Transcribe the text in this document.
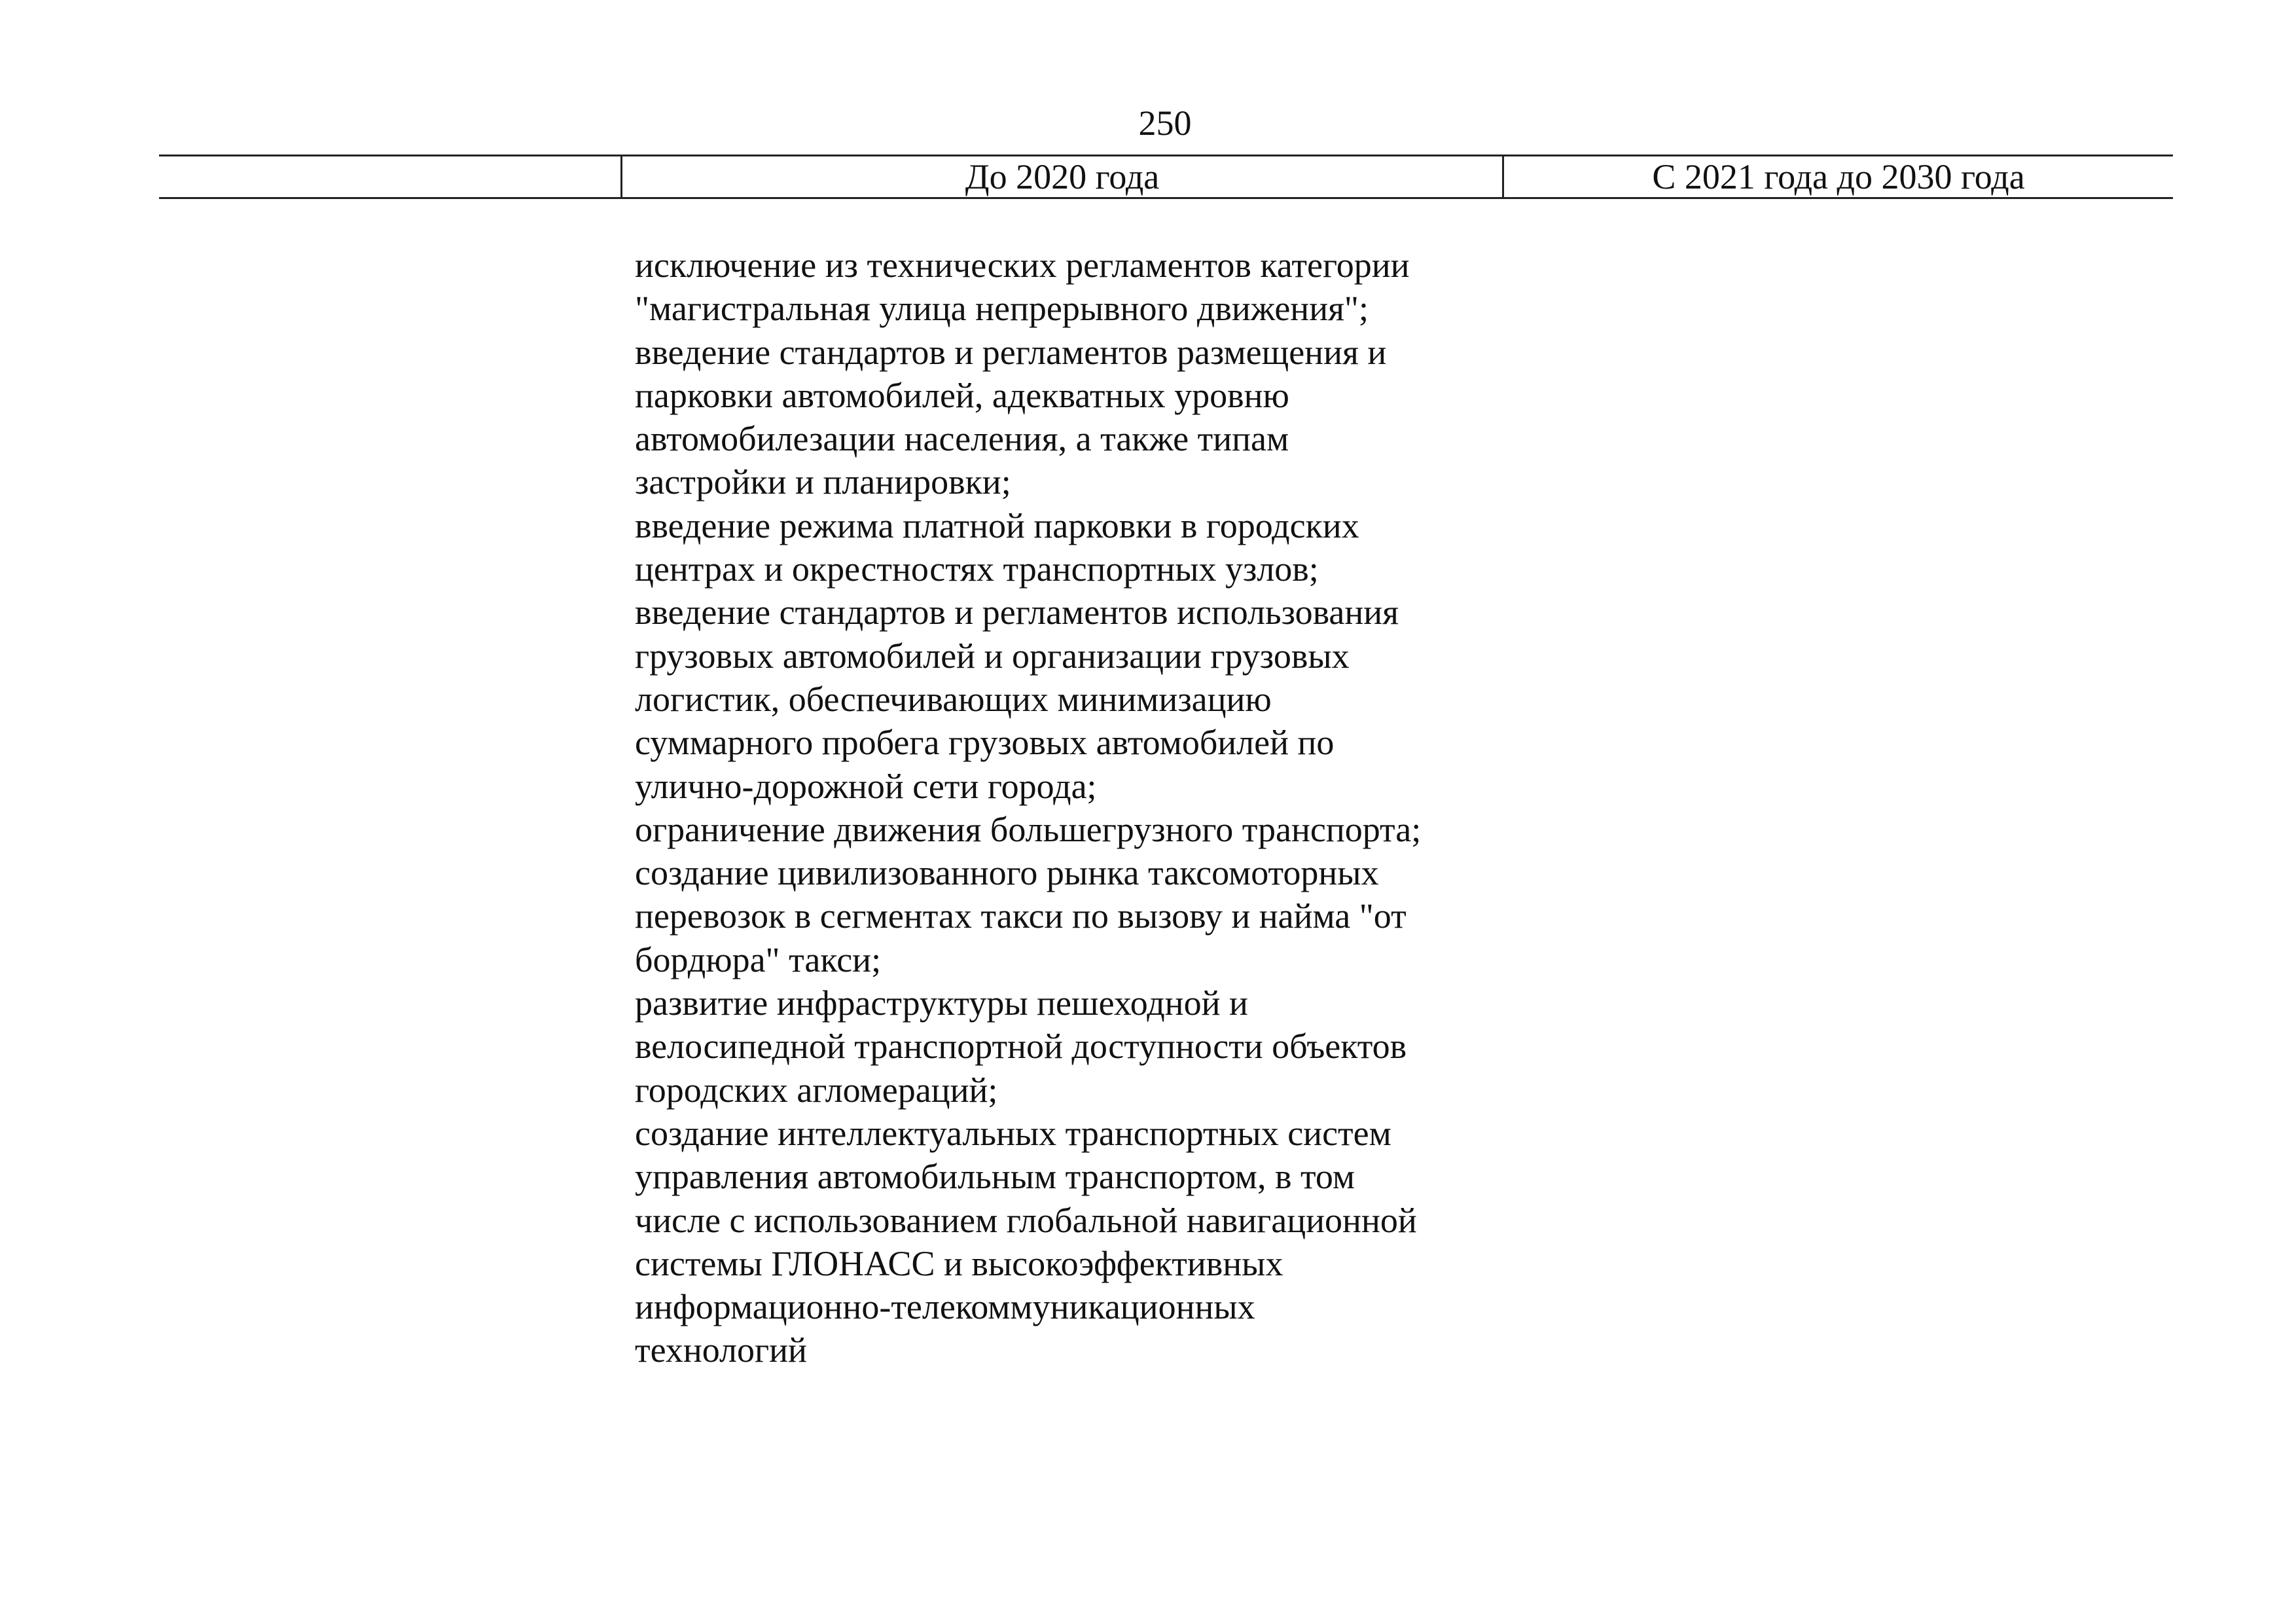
250
До 2020 года	С 2021 года до 2030 года
исключение из технических регламентов категории
"магистральная улица непрерывного движения";
введение стандартов и регламентов размещения и
парковки автомобилей, адекватных уровню
автомобилезации населения, а также типам
застройки и планировки;
введение режима платной парковки в городских
центрах и окрестностях транспортных узлов;
введение стандартов и регламентов использования
грузовых автомобилей и организации грузовых
логистик, обеспечивающих минимизацию
суммарного пробега грузовых автомобилей по
улично-дорожной сети города;
ограничение движения большегрузного транспорта;
создание цивилизованного рынка таксомоторных
перевозок в сегментах такси по вызову и найма "от
бордюра" такси;
развитие инфраструктуры пешеходной и
велосипедной транспортной доступности объектов
городских агломераций;
создание интеллектуальных транспортных систем
управления автомобильным транспортом, в том
числе с использованием глобальной навигационной
системы ГЛОНАСС и высокоэффективных
информационно-телекоммуникационных
технологий
